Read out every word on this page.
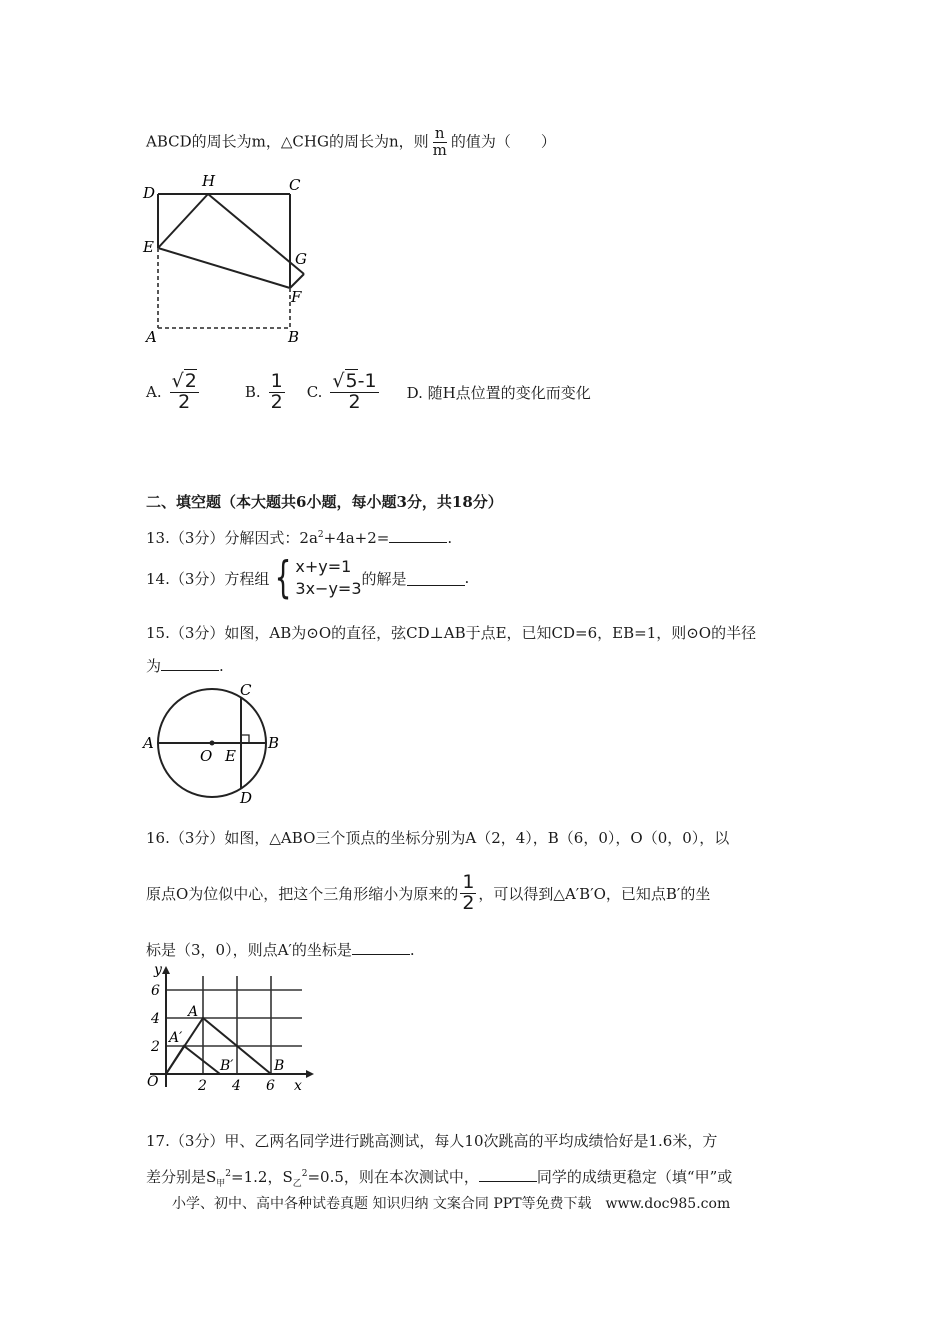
ABCD的周长为m，△CHG的周长为n，则 $\frac{n}{m}$ 的值为（　　）
D
H	C
E
G
F
A	B
A. $\frac{√2}{2}$	B. $\frac{1}{2} C$. $\frac{√5-1}{2} D$. 随H点位置的变化而变化
二、填空题（本大题共6小题，每小题3分，共18分）
13.（3分）分解因式：$2a^2+4a+2=$	.
14.（3分）方程组 { x+y=1
3x−y=3
的解是	.
15.（3分）如图，AB为⊙O的直径，弦CD⊥AB于点E，已知CD=6，EB=1，则⊙O的半径
为	.
A	B
C
D
O E
16.（3分）如图，△ABO三个顶点的坐标分别为A（2，4），B（6，0），O（0，0），以
原点O为位似中心，把这个三角形缩小为原来的 $\frac{1}{2}$ ，可以得到△A′B′O，已知点B′的坐
标是（3，0），则点A′的坐标是	.
y
x
O
6
4
2
2 4 6
A
A′
B
B′
17.（3分）甲、乙两名同学进行跳高测试，每人10次跳高的平均成绩恰好是1.6米，方
差分别是$S_甲^2=1.2$，$S_乙^2=0.5$，则在本次测试中，	同学的成绩更稳定（填“甲”或
小学、初中、高中各种试卷真题 知识归纳 文案合同 PPT等免费下载　www.doc985.com
